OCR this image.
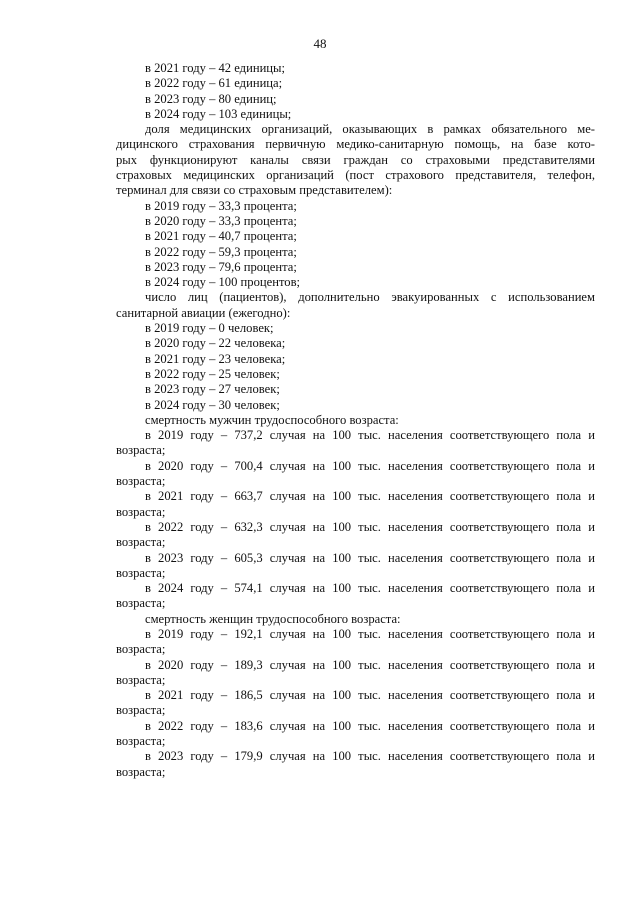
48
в 2021 году – 42 единицы;
в 2022 году – 61 единица;
в 2023 году – 80 единиц;
в 2024 году – 103 единицы;
доля медицинских организаций, оказывающих в рамках обязательного ме-
дицинского страхования первичную медико-санитарную помощь, на базе кото-
рых функционируют каналы связи граждан со страховыми представителями
страховых медицинских организаций (пост страхового представителя, телефон,
терминал для связи со страховым представителем):
в 2019 году – 33,3 процента;
в 2020 году – 33,3 процента;
в 2021 году – 40,7 процента;
в 2022 году – 59,3 процента;
в 2023 году – 79,6 процента;
в 2024 году – 100 процентов;
число лиц (пациентов), дополнительно эвакуированных с использованием
санитарной авиации (ежегодно):
в 2019 году – 0 человек;
в 2020 году – 22 человека;
в 2021 году – 23 человека;
в 2022 году – 25 человек;
в 2023 году – 27 человек;
в 2024 году – 30 человек;
смертность мужчин трудоспособного возраста:
в 2019 году – 737,2 случая на 100 тыс. населения соответствующего пола и
возраста;
в 2020 году – 700,4 случая на 100 тыс. населения соответствующего пола и
возраста;
в 2021 году – 663,7 случая на 100 тыс. населения соответствующего пола и
возраста;
в 2022 году – 632,3 случая на 100 тыс. населения соответствующего пола и
возраста;
в 2023 году – 605,3 случая на 100 тыс. населения соответствующего пола и
возраста;
в 2024 году – 574,1 случая на 100 тыс. населения соответствующего пола и
возраста;
смертность женщин трудоспособного возраста:
в 2019 году – 192,1 случая на 100 тыс. населения соответствующего пола и
возраста;
в 2020 году – 189,3 случая на 100 тыс. населения соответствующего пола и
возраста;
в 2021 году – 186,5 случая на 100 тыс. населения соответствующего пола и
возраста;
в 2022 году – 183,6 случая на 100 тыс. населения соответствующего пола и
возраста;
в 2023 году – 179,9 случая на 100 тыс. населения соответствующего пола и
возраста;
